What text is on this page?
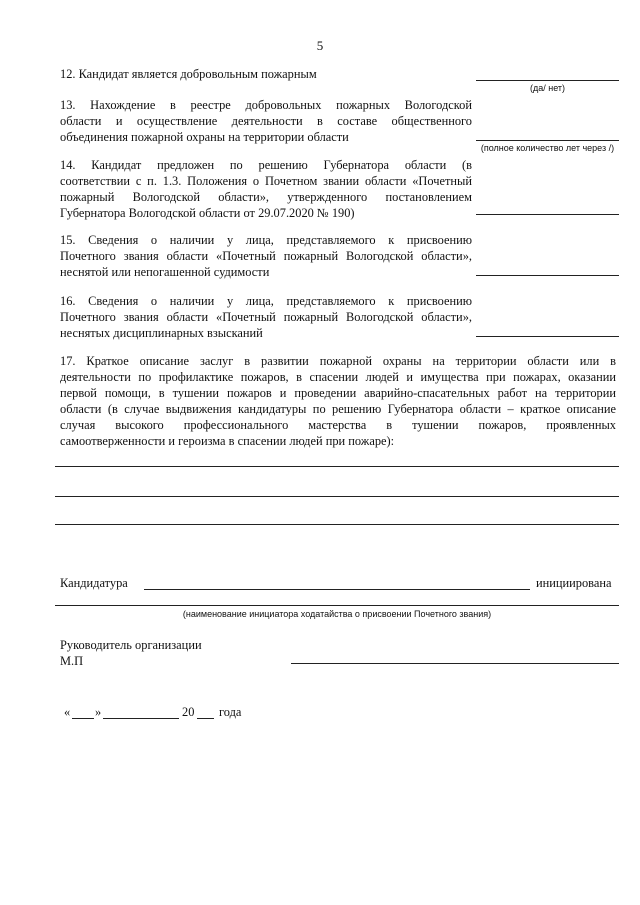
5
12. Кандидат является добровольным пожарным
(да/ нет)
13. Нахождение в реестре добровольных пожарных Вологодской
области и осуществление деятельности в составе общественного
объединения пожарной охраны на территории области
(полное количество лет через /)
14. Кандидат предложен по решению Губернатора области (в
соответствии с п. 1.3. Положения о Почетном звании области «Почетный
пожарный Вологодской области», утвержденного постановлением
Губернатора Вологодской области от 29.07.2020 № 190)
15. Сведения о наличии у лица, представляемого к присвоению
Почетного звания области «Почетный пожарный Вологодской области»,
неснятой или непогашенной судимости
16. Сведения о наличии у лица, представляемого к присвоению
Почетного звания области «Почетный пожарный Вологодской области»,
неснятых дисциплинарных взысканий
17. Краткое описание заслуг в развитии пожарной охраны на территории области или в
деятельности по профилактике пожаров, в спасении людей и имущества при пожарах, оказании
первой помощи, в тушении пожаров и проведении аварийно-спасательных работ на территории
области (в случае выдвижения кандидатуры по решению Губернатора области – краткое описание
случая высокого профессионального мастерства в тушении пожаров, проявленных
самоотверженности и героизма в спасении людей при пожаре):
Кандидатура	инициирована
(наименование инициатора ходатайства о присвоении Почетного звания)
Руководитель организации
М.П
« »	20 года
